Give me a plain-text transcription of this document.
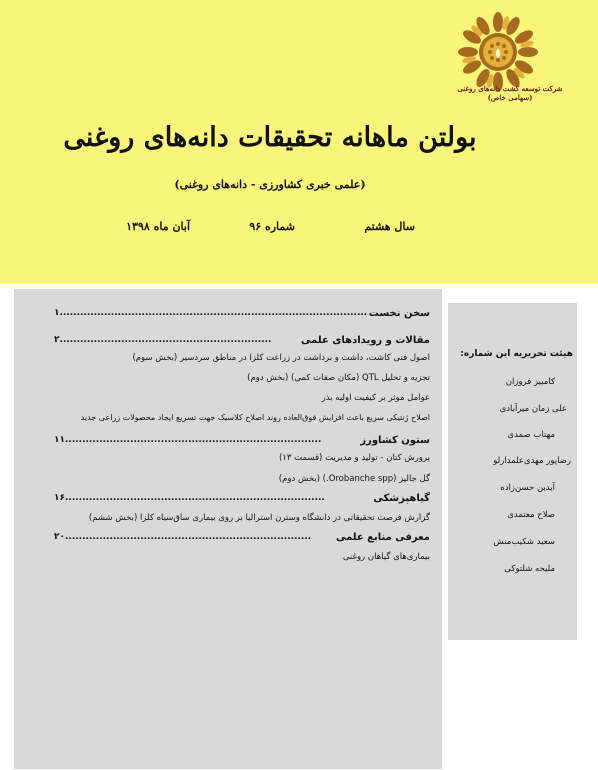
شرکت توسعه کشت دانه‌های روغنی (سهامی خاص)
بولتن ماهانه تحقیقات دانه‌های روغنی
(علمی خبری کشاورزی - دانه‌های روغنی)
سال هشتم
شماره ۹۶
آبان ماه ۱۳۹۸
سخن نخست
۱..........................................................................................
مقالات و رویدادهای علمی
۲..............................................................
اصول فنی کاشت، داشت و برداشت در زراعت کلزا در مناطق سردسیر (بخش سوم)
تجزیه و تحلیل QTL (مکان صفات کمی) (بخش دوم)
عوامل موثر بر کیفیت اولیه بذر
اصلاح ژنتیکی سریع باعث افزایش فوق‌العاده روند اصلاح کلاسیک جهت تسریع ایجاد محصولات زراعی جدید
ستون کشاورز
۱۱...........................................................................
پرورش کتان - تولید و مدیریت (قسمت ۱۳)
گل جالیز (Orobanche spp.) (بخش دوم)
گیاهپزشکی
۱۶............................................................................
گزارش فرصت تحقیقاتی در دانشگاه وسترن استرالیا بر روی بیماری ساق‌سیاه کلزا (بخش ششم)
معرفی منابع علمی
۲۰........................................................................
بیماری‌های گیاهان روغنی
هیئت تحریریه این شماره:
کامبیز فروزان
علی زمان میرآبادی
مهتاب صمدی
رضاپور مهدی‌علمدارلو
آیدین حسن‌زاده
صلاح معتمدی
سعید شکیب‌منش
ملیحه شلتوکی
